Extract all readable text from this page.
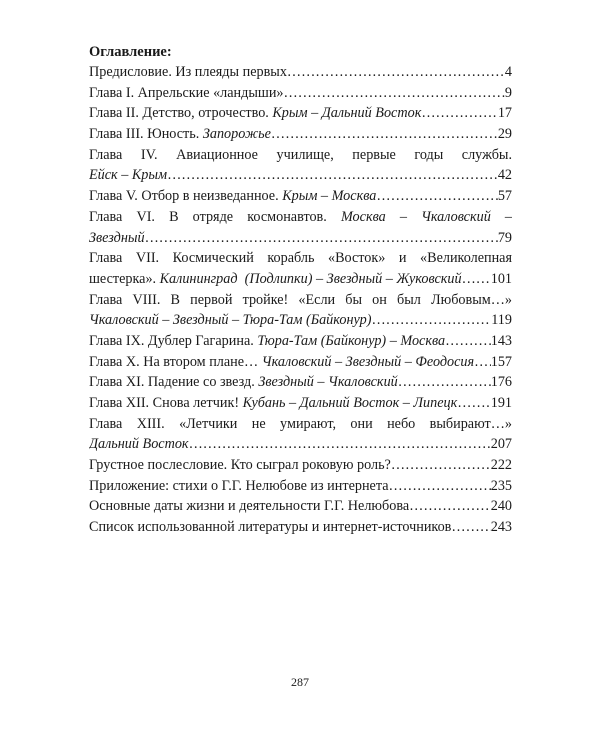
Оглавление:
Предисловие. Из плеяды первых ………………………………………………………………………………………………………………………………………………………………………………………………	4
Глава I. Апрельские «ландыши» ………………………………………………………………………………………………………………………………………………………………………………………………	9
Глава II. Детство, отрочество. Крым – Дальний Восток ………………………………………………………………………………………………………………………………………………………………………………………………	17
Глава III. Юность. Запорожье ………………………………………………………………………………………………………………………………………………………………………………………………	29
Глава IV. Авиационное училище, первые годы службы.
Ейск – Крым ………………………………………………………………………………………………………………………………………………………………………………………………	42
Глава V. Отбор в неизведанное. Крым – Москва ………………………………………………………………………………………………………………………………………………………………………………………………	57
Глава VI. В отряде космонавтов. Москва – Чкаловский –
Звездный ………………………………………………………………………………………………………………………………………………………………………………………………	79
Глава VII. Космический корабль «Восток» и «Великолепная
шестерка». Калининград  (Подлипки) – Звездный – Жуковский ……………………………………………………………………………………………………………………………………………………………………………………………… 101
Глава VIII. В первой тройке! «Если бы он был Любовым…»
Чкаловский – Звездный – Тюра-Там (Байконур) ………………………………………………………………………………………………………………………………………………………………………………………………	119
Глава IX. Дублер Гагарина. Тюра-Там (Байконур) – Москва ………………………………………………………………………………………………………………………………………………………………………………………………	143
Глава X. На втором плане… Чкаловский – Звездный – Феодосия ……………………………………………………………………………………………………………………………………………………………………………………………… 157
Глава XI. Падение со звезд. Звездный – Чкаловский ………………………………………………………………………………………………………………………………………………………………………………………………	176
Глава XII. Снова летчик! Кубань – Дальний Восток – Липецк ……………………………………………………………………………………………………………………………………………………………………………………………… 191
Глава XIII. «Летчики не умирают, они небо выбирают…»
Дальний Восток ………………………………………………………………………………………………………………………………………………………………………………………………	207
Грустное послесловие. Кто сыграл роковую роль? ………………………………………………………………………………………………………………………………………………………………………………………………	222
Приложение: стихи о Г.Г. Нелюбове из интернета ………………………………………………………………………………………………………………………………………………………………………………………………	235
Основные даты жизни и деятельности Г.Г. Нелюбова ………………………………………………………………………………………………………………………………………………………………………………………………	240
Список использованной литературы и интернет-источников ………………………………………………………………………………………………………………………………………………………………………………………………	243
287
